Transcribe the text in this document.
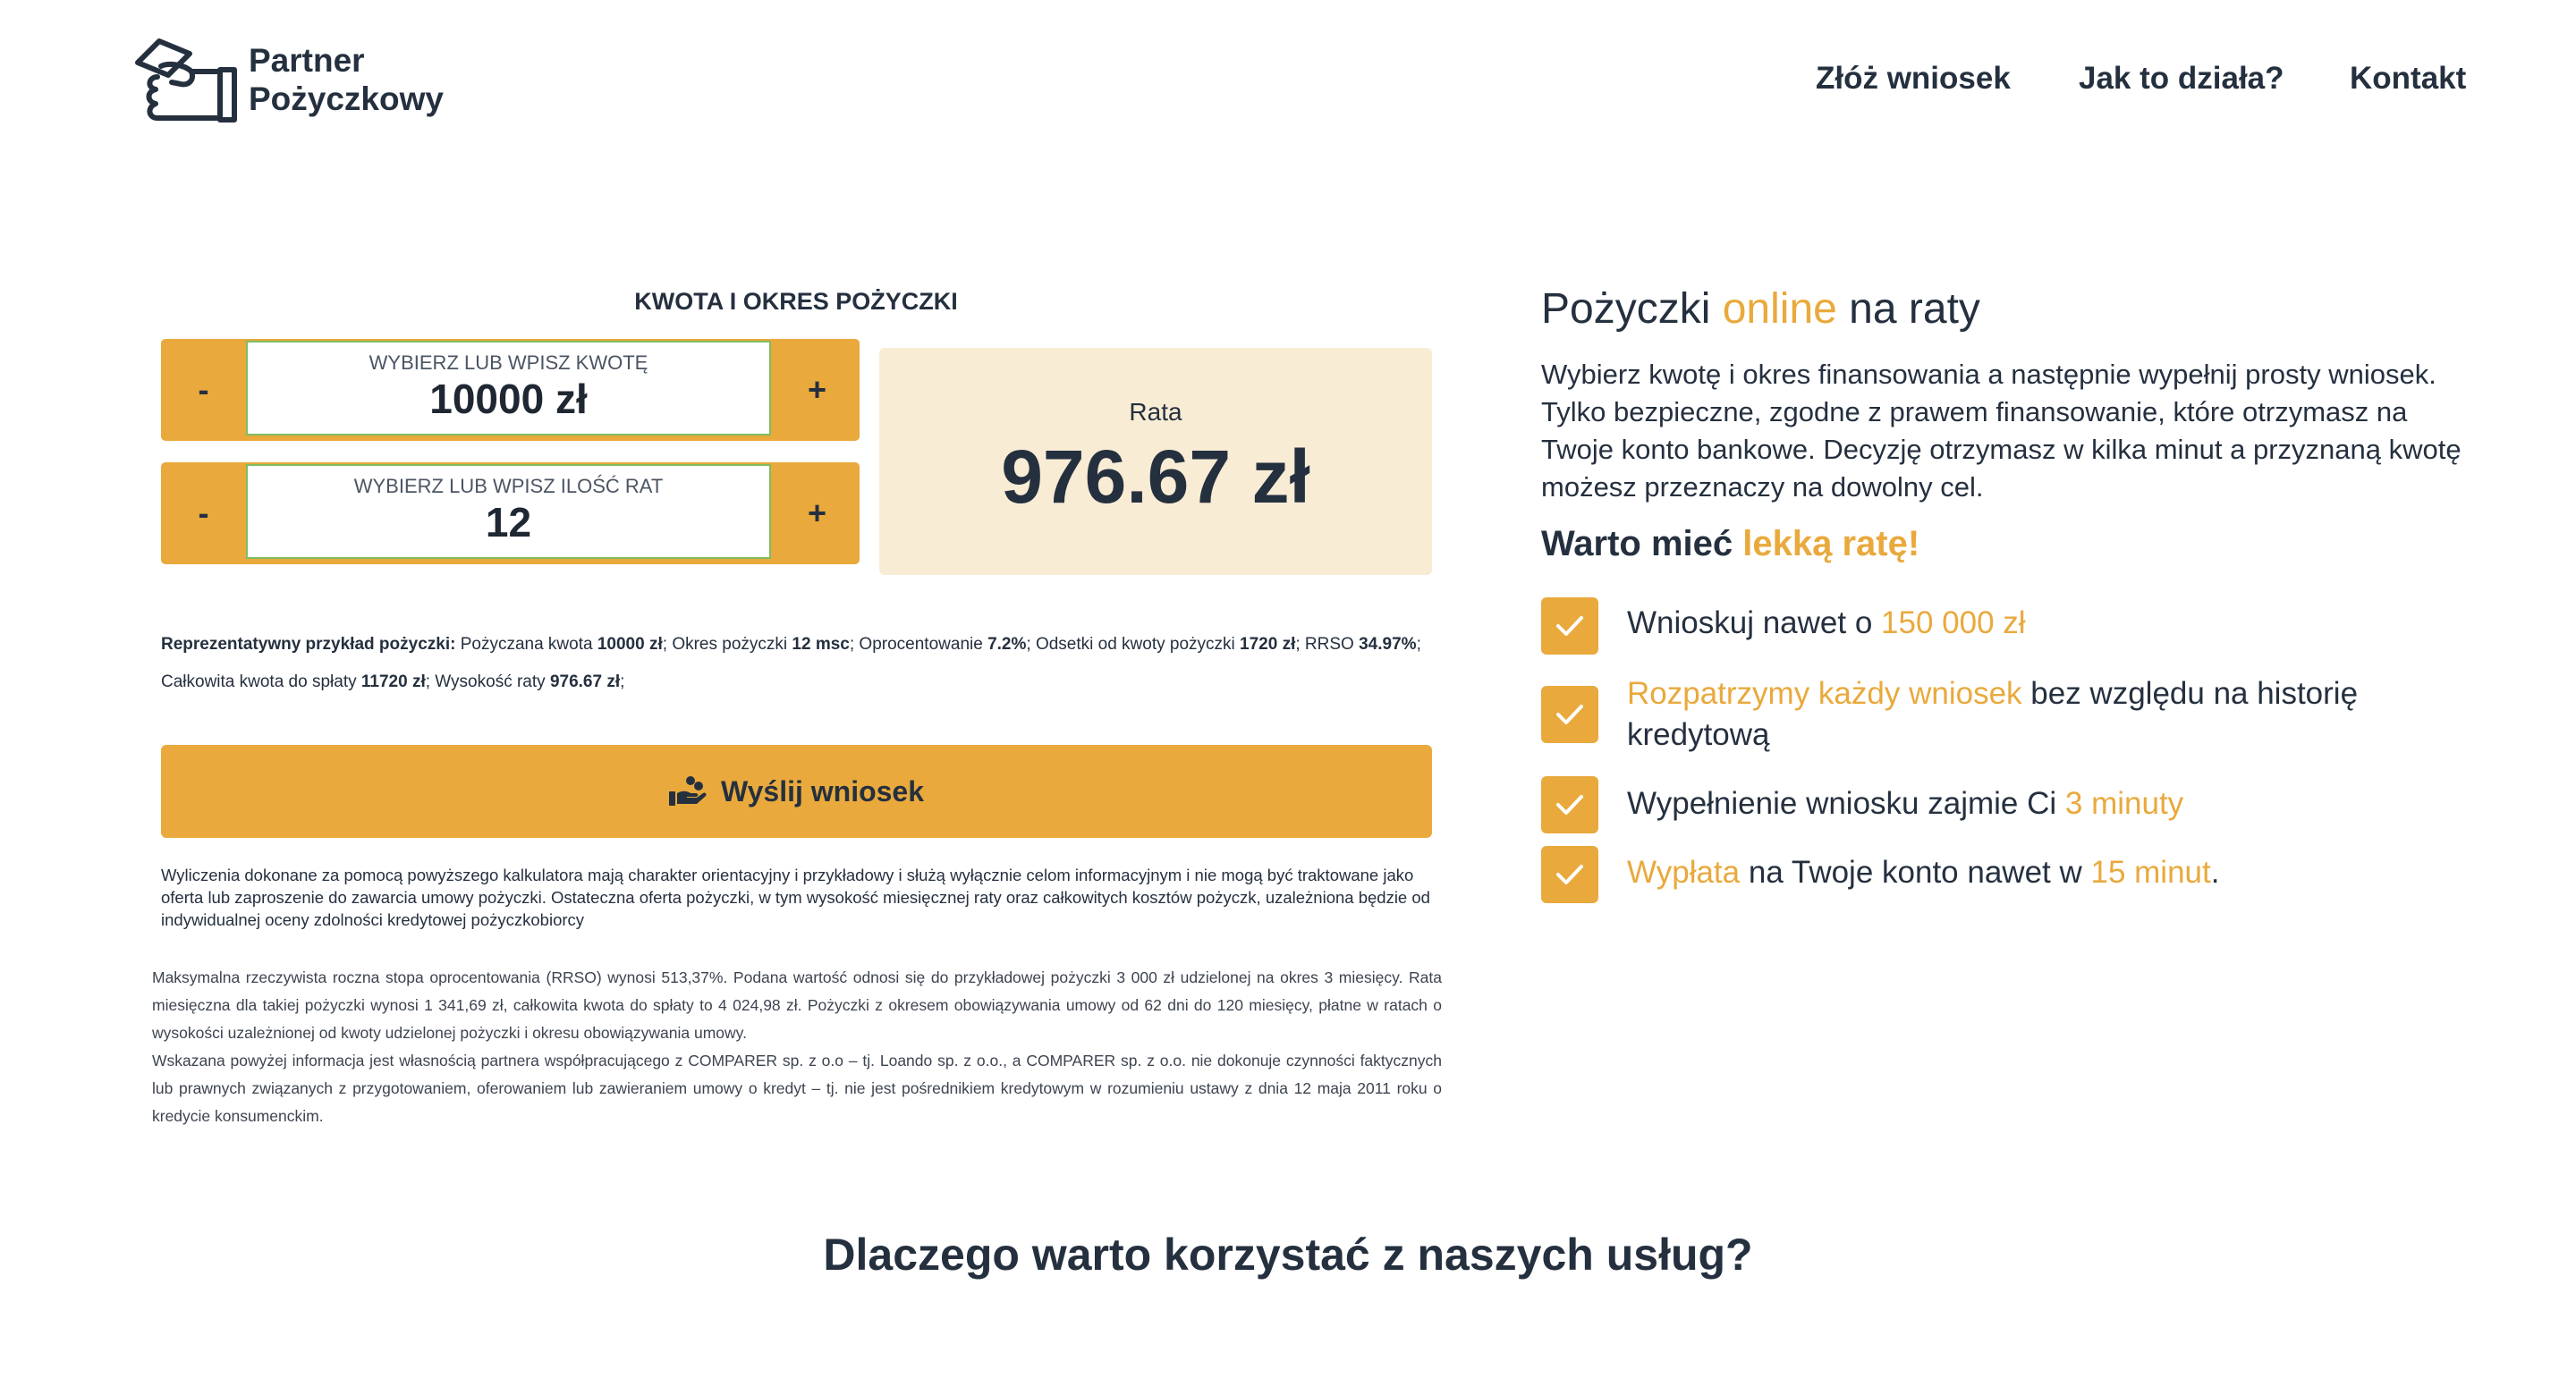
Partner
Pożyczkowy
Złóż wniosek Jak to działa? Kontakt
KWOTA I OKRES POŻYCZKI
-
WYBIERZ LUB WPISZ KWOTĘ
10000 zł	+
-
WYBIERZ LUB WPISZ ILOŚĆ RAT
12	+
Rata
976.67 zł
Reprezentatywny przykład pożyczki: Pożyczana kwota 10000 zł; Okres pożyczki 12 msc; Oprocentowanie 7.2%; Odsetki od kwoty pożyczki 1720 zł; RRSO 34.97%; Całkowita kwota do spłaty 11720 zł; Wysokość raty 976.67 zł;
Wyślij wniosek
Wyliczenia dokonane za pomocą powyższego kalkulatora mają charakter orientacyjny i przykładowy i służą wyłącznie celom informacyjnym i nie mogą być traktowane jako oferta lub zaproszenie do zawarcia umowy pożyczki. Ostateczna oferta pożyczki, w tym wysokość miesięcznej raty oraz całkowitych kosztów pożyczk, uzależniona będzie od indywidualnej oceny zdolności kredytowej pożyczkobiorcy
Maksymalna rzeczywista roczna stopa oprocentowania (RRSO) wynosi 513,37%. Podana wartość odnosi się do przykładowej pożyczki 3 000 zł udzielonej na okres 3 miesięcy. Rata miesięczna dla takiej pożyczki wynosi 1 341,69 zł, całkowita kwota do spłaty to 4 024,98 zł. Pożyczki z okresem obowiązywania umowy od 62 dni do 120 miesięcy, płatne w ratach o wysokości uzależnionej od kwoty udzielonej pożyczki i okresu obowiązywania umowy.
Wskazana powyżej informacja jest własnością partnera współpracującego z COMPARER sp. z o.o – tj. Loando sp. z o.o., a COMPARER sp. z o.o. nie dokonuje czynności faktycznych lub prawnych związanych z przygotowaniem, oferowaniem lub zawieraniem umowy o kredyt – tj. nie jest pośrednikiem kredytowym w rozumieniu ustawy z dnia 12 maja 2011 roku o kredycie konsumenckim.
Pożyczki online na raty
Wybierz kwotę i okres finansowania a następnie wypełnij prosty wniosek. Tylko bezpieczne, zgodne z prawem finansowanie, które otrzymasz na Twoje konto bankowe. Decyzję otrzymasz w kilka minut a przyznaną kwotę możesz przeznaczy na dowolny cel.
Warto mieć lekką ratę!
Wnioskuj nawet o 150 000 zł
Rozpatrzymy każdy wniosek bez względu na historię kredytową
Wypełnienie wniosku zajmie Ci 3 minuty
Wypłata na Twoje konto nawet w 15 minut.
Dlaczego warto korzystać z naszych usług?
